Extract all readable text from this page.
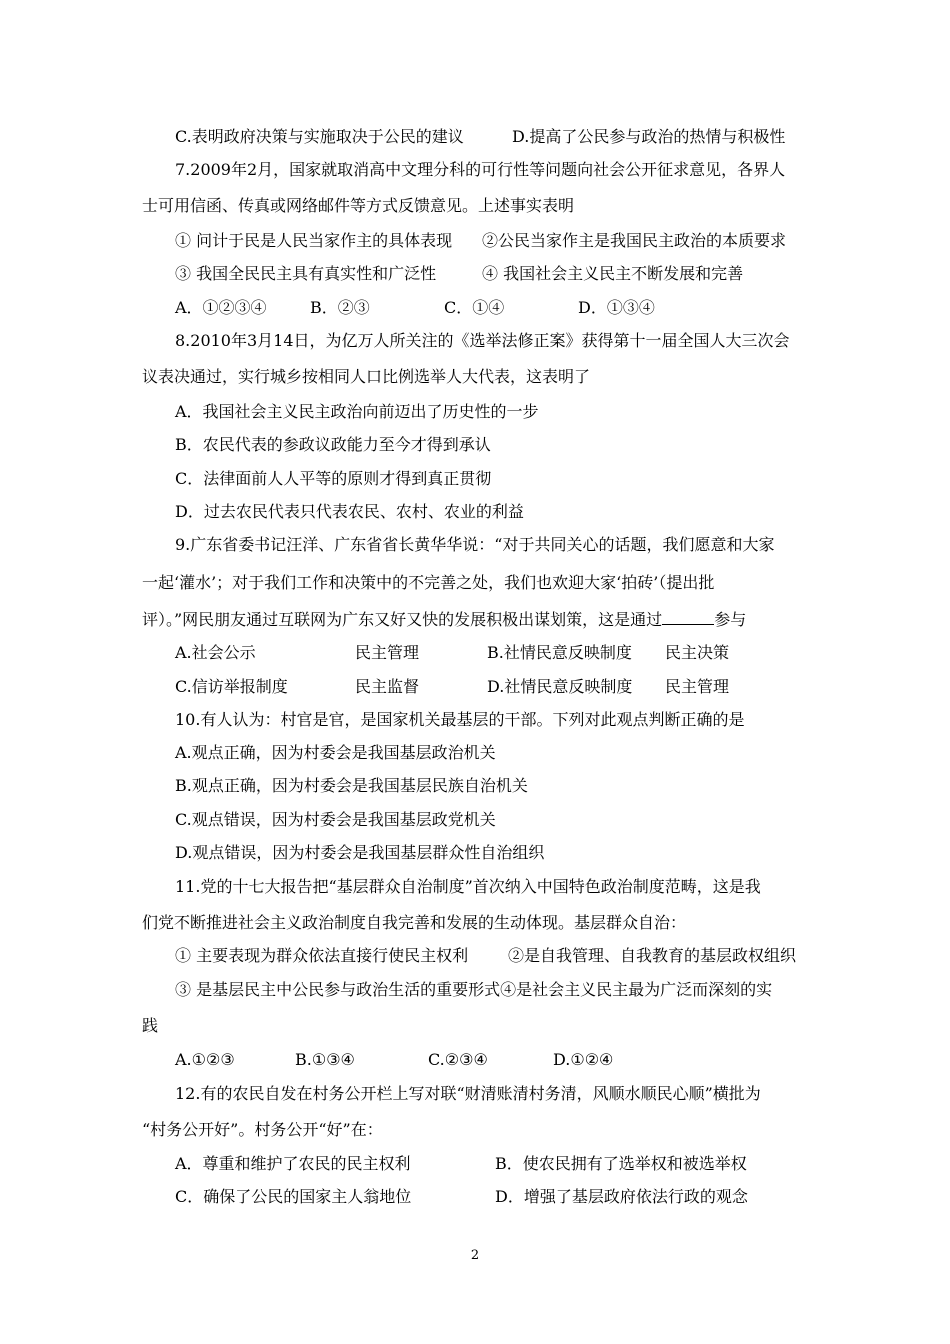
C.表明政府决策与实施取决于公民的建议	D.提高了公民参与政治的热情与积极性
7.2009年2月，国家就取消高中文理分科的可行性等问题向社会公开征求意见，各界人
士可用信函、传真或网络邮件等方式反馈意见。上述事实表明
① 问计于民是人民当家作主的具体表现 ②公民当家作主是我国民主政治的本质要求
③ 我国全民民主具有真实性和广泛性	④ 我国社会主义民主不断发展和完善
A．①②③④	B．②③	C．①④	D．①③④
8.2010年3月14日，为亿万人所关注的《选举法修正案》获得第十一届全国人大三次会
议表决通过，实行城乡按相同人口比例选举人大代表，这表明了
A．我国社会主义民主政治向前迈出了历史性的一步
B．农民代表的参政议政能力至今才得到承认
C．法律面前人人平等的原则才得到真正贯彻
D．过去农民代表只代表农民、农村、农业的利益
9.广东省委书记汪洋、广东省省长黄华华说：“对于共同关心的话题，我们愿意和大家
一起‘灌水’；对于我们工作和决策中的不完善之处，我们也欢迎大家‘拍砖’（提出批
评）。”网民朋友通过互联网为广东又好又快的发展积极出谋划策，这是通过	参与
A.社会公示	民主管理	B.社情民意反映制度 民主决策
C.信访举报制度	民主监督	D.社情民意反映制度 民主管理
10.有人认为：村官是官，是国家机关最基层的干部。下列对此观点判断正确的是
A.观点正确，因为村委会是我国基层政治机关
B.观点正确，因为村委会是我国基层民族自治机关
C.观点错误，因为村委会是我国基层政党机关
D.观点错误，因为村委会是我国基层群众性自治组织
11.党的十七大报告把“基层群众自治制度”首次纳入中国特色政治制度范畴，这是我
们党不断推进社会主义政治制度自我完善和发展的生动体现。基层群众自治：
① 主要表现为群众依法直接行使民主权利 ②是自我管理、自我教育的基层政权组织
③ 是基层民主中公民参与政治生活的重要形式④是社会主义民主最为广泛而深刻的实
践
A.①②③	B.①③④	C.②③④	D.①②④
12.有的农民自发在村务公开栏上写对联“财清账清村务清，风顺水顺民心顺”横批为
“村务公开好”。村务公开“好”在：
A．尊重和维护了农民的民主权利	B．使农民拥有了选举权和被选举权
C．确保了公民的国家主人翁地位	D．增强了基层政府依法行政的观念
2
